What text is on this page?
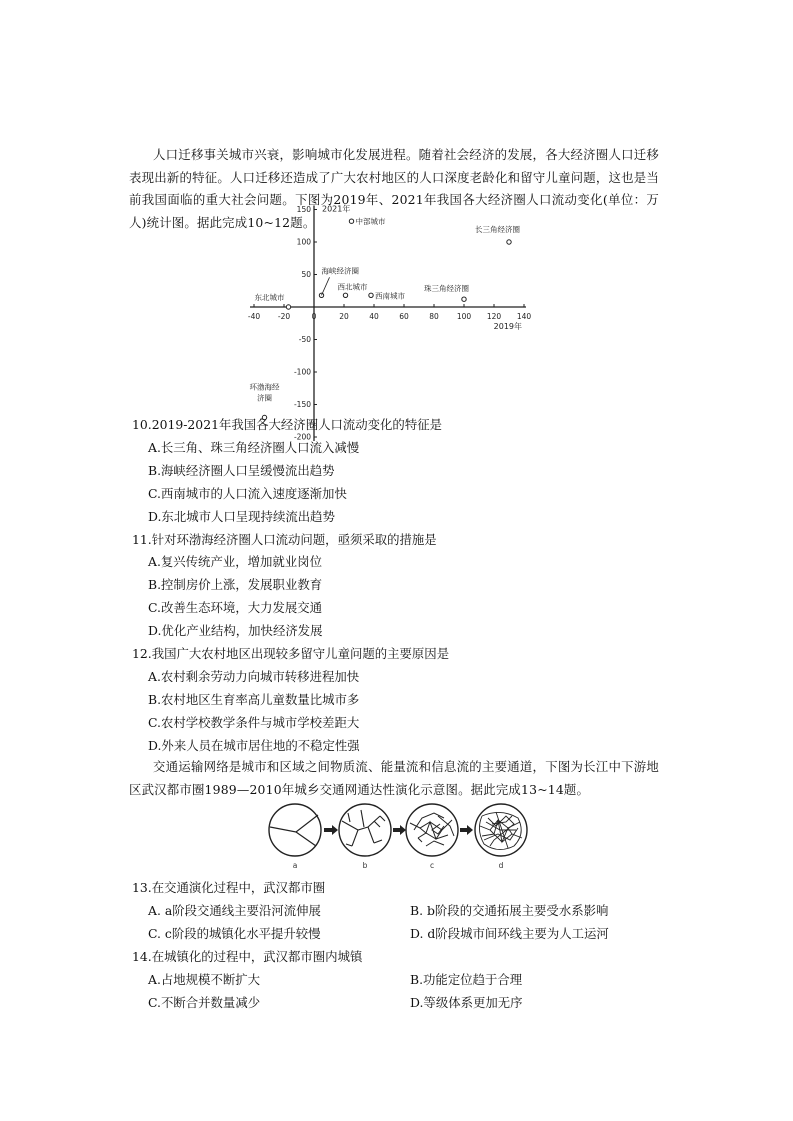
人口迁移事关城市兴衰，影响城市化发展进程。随着社会经济的发展，各大经济圈人口迁移表现出新的特征。人口迁移还造成了广大农村地区的人口深度老龄化和留守儿童问题，这也是当前我国面临的重大社会问题。下图为2019年、2021年我国各大经济圈人口流动变化(单位：万人)统计图。据此完成10~12题。

-40 -20	0	20	40	60	80 100 120 140
150
100
50
-50
-100
-150
-200
2021年
2019年
中部城市
长三角经济圈
海峡经济圈
西北城市
西南城市
珠三角经济圈
东北城市
环渤海经
济圈
10.2019-2021年我国各大经济圈人口流动变化的特征是
A.长三角、珠三角经济圈人口流入减慢
B.海峡经济圈人口呈缓慢流出趋势
C.西南城市的人口流入速度逐渐加快
D.东北城市人口呈现持续流出趋势
11.针对环渤海经济圈人口流动问题，亟须采取的措施是
A.复兴传统产业，增加就业岗位
B.控制房价上涨，发展职业教育
C.改善生态环境，大力发展交通
D.优化产业结构，加快经济发展
12.我国广大农村地区出现较多留守儿童问题的主要原因是
A.农村剩余劳动力向城市转移进程加快
B.农村地区生育率高儿童数量比城市多
C.农村学校教学条件与城市学校差距大
D.外来人员在城市居住地的不稳定性强

交通运输网络是城市和区域之间物质流、能量流和信息流的主要通道，下图为长江中下游地区武汉都市圈1989—2010年城乡交通网通达性演化示意图。据此完成13~14题。

a	b	c	d
13.在交通演化过程中，武汉都市圈
A. a阶段交通线主要沿河流伸展	B. b阶段的交通拓展主要受水系影响
C. c阶段的城镇化水平提升较慢	D. d阶段城市间环线主要为人工运河
14.在城镇化的过程中，武汉都市圈内城镇
A.占地规模不断扩大	B.功能定位趋于合理
C.不断合并数量减少	D.等级体系更加无序
